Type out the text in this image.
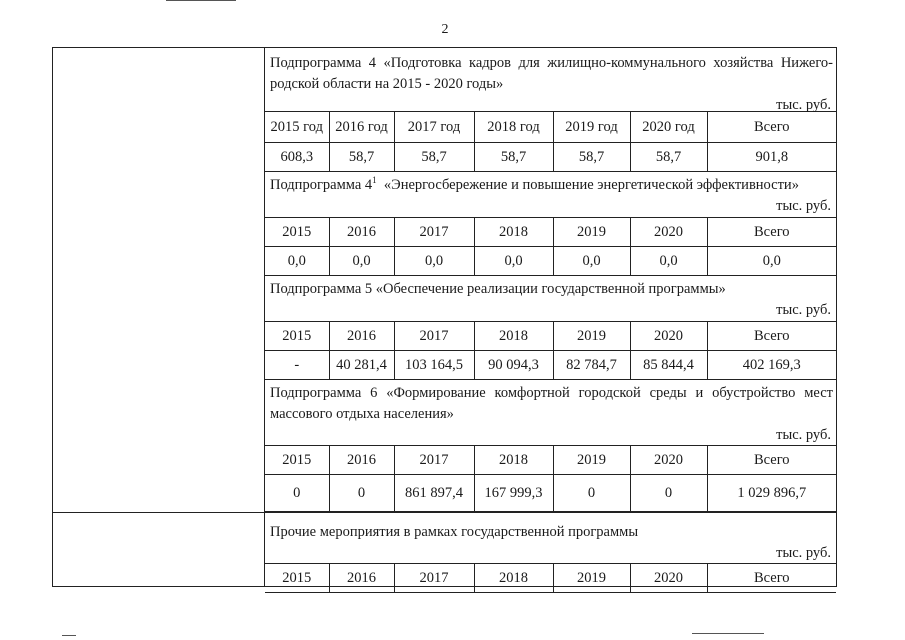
2
Подпрограмма 4 «Подготовка кадров для жилищно-коммунального хозяйства Нижего-родской области на 2015 - 2020 годы»
тыс. руб.
2015 год	2016 год	2017 год	2018 год	2019 год	2020 год	Всего
608,3	58,7	58,7	58,7	58,7	58,7	901,8
Подпрограмма $4^1$ «Энергосбережение и повышение энергетической эффективности»
тыс. руб.
2015	2016	2017	2018	2019	2020	Всего
0,0	0,0	0,0	0,0	0,0	0,0	0,0
Подпрограмма 5 «Обеспечение реализации государственной программы»
тыс. руб.
2015	2016	2017	2018	2019	2020	Всего
-	40 281,4	103 164,5	90 094,3	82 784,7	85 844,4	402 169,3
Подпрограмма 6 «Формирование комфортной городской среды и обустройство мест массового отдыха населения»
тыс. руб.
2015	2016	2017	2018	2019	2020	Всего
0	0	861 897,4	167 999,3	0	0	1 029 896,7
Прочие мероприятия в рамках государственной программы
тыс. руб.
2015	2016	2017	2018	2019	2020	Всего
